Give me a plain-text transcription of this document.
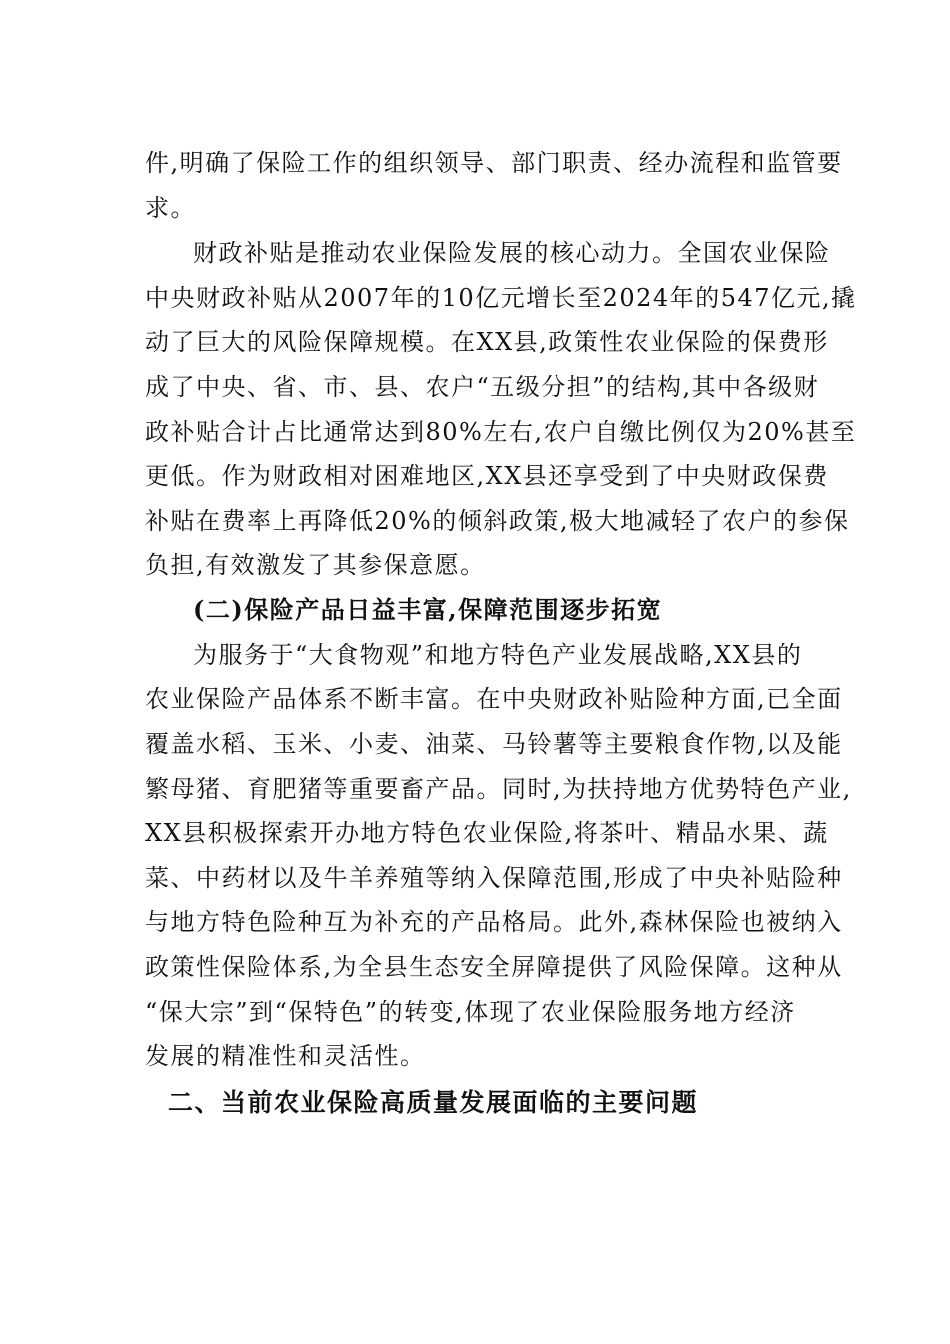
件,明确了保险工作的组织领导、部门职责、经办流程和监管要
求。
财政补贴是推动农业保险发展的核心动力。全国农业保险
中央财政补贴从2007年的10亿元增长至2024年的547亿元,撬
动了巨大的风险保障规模。在XX县,政策性农业保险的保费形
成了中央、省、市、县、农户“五级分担”的结构,其中各级财
政补贴合计占比通常达到80%左右,农户自缴比例仅为20%甚至
更低。作为财政相对困难地区,XX县还享受到了中央财政保费
补贴在费率上再降低20%的倾斜政策,极大地减轻了农户的参保
负担,有效激发了其参保意愿。
(二)保险产品日益丰富,保障范围逐步拓宽
为服务于“大食物观”和地方特色产业发展战略,XX县的
农业保险产品体系不断丰富。在中央财政补贴险种方面,已全面
覆盖水稻、玉米、小麦、油菜、马铃薯等主要粮食作物,以及能
繁母猪、育肥猪等重要畜产品。同时,为扶持地方优势特色产业,
XX县积极探索开办地方特色农业保险,将茶叶、精品水果、蔬
菜、中药材以及牛羊养殖等纳入保障范围,形成了中央补贴险种
与地方特色险种互为补充的产品格局。此外,森林保险也被纳入
政策性保险体系,为全县生态安全屏障提供了风险保障。这种从
“保大宗”到“保特色”的转变,体现了农业保险服务地方经济
发展的精准性和灵活性。
二、当前农业保险高质量发展面临的主要问题
